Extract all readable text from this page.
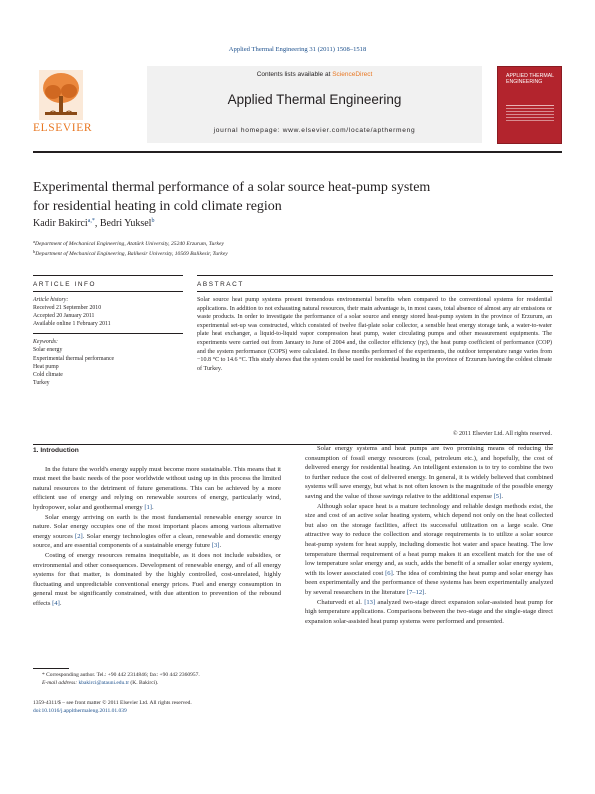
Applied Thermal Engineering 31 (2011) 1508–1518
ELSEVIER
Contents lists available at ScienceDirect
Applied Thermal Engineering
journal homepage: www.elsevier.com/locate/apthermeng
APPLIED THERMAL ENGINEERING
Experimental thermal performance of a solar source heat-pump system
for residential heating in cold climate region
Kadir Bakirci$^{a,*}$, Bedri Yuksel$^b$
$^a$Department of Mechanical Engineering, Atatürk University, 25240 Erzurum, Turkey
$^b$Department of Mechanical Engineering, Balikesir University, 10569 Balikesir, Turkey
ARTICLE INFO	ABSTRACT
Article history:
Received 21 September 2010
Accepted 20 January 2011
Available online 1 February 2011
Keywords:
Solar energy
Experimental thermal performance
Heat pump
Cold climate
Turkey
Solar source heat pump systems present tremendous environmental benefits when compared to the conventional systems for residential applications. In addition to not exhausting natural resources, their main advantage is, in most cases, total absence of almost any air emissions or waste products. In order to investigate the performance of a solar source and energy stored heat-pump system in the province of Erzurum, an experimental set-up was constructed, which consisted of twelve flat-plate solar collector, a sensible heat energy storage tank, a water-to-water plate heat exchanger, a liquid-to-liquid vapor compression heat pump, water circulating pumps and other measurement equipments. The experiments were carried out from January to June of 2004 and, the collector efficiency (ηc), the heat pump coefficient of performance (COP) and the system performance (COPS) were calculated. In these months performed of the experiments, the outdoor temperature range varies from −10.8 °C to 14.6 °C. This study shows that the system could be used for residential heating in the province of Erzurum having the coldest climate of Turkey.
© 2011 Elsevier Ltd. All rights reserved.
1. Introduction

In the future the world's energy supply must become more sustainable. This means that it must meet the basic needs of the poor worldwide without using up in this process the limited natural resources to the detriment of future generations. This can be achieved by a more efficient use of energy and relying on renewable sources of energy, particularly wind, hydropower, solar and geothermal energy [1].

Solar energy arriving on earth is the most fundamental renewable energy source in nature. Solar energy occupies one of the most important places among various alternative energy sources [2]. Solar energy technologies offer a clean, renewable and domestic energy source, and are essential components of a sustainable energy future [3].

Costing of energy resources remains inequitable, as it does not include subsidies, or environmental and other consequences. Development of renewable energy, and of all energy systems for that matter, is dominated by the highly controlled, cost-unrelated, highly fluctuating and unpredictable conventional energy prices. Fuel and energy consumption in general must be significantly constrained, with due attention to prevention of the rebound effects [4].

Solar energy systems and heat pumps are two promising means of reducing the consumption of fossil energy resources (coal, petroleum etc.), and hopefully, the cost of delivered energy for residential heating. An intelligent extension is to try to combine the two to further reduce the cost of delivered energy. In general, it is widely believed that combined systems will save energy, but what is not often known is the magnitude of the possible energy saving and the value of those savings relative to the additional expense [5].

Although solar space heat is a mature technology and reliable design methods exist, the size and cost of an active solar heating system, which depend not only on the heat collected but also on the storage facilities, affect its successful utilization on a large scale. One attractive way to reduce the collection and storage requirements is to utilize a solar source heat-pump system for heat supply, including domestic hot water and space heating. The low temperature thermal requirement of a heat pump makes it an excellent match for the use of low temperature solar energy and, as such, adds the benefit of a smaller solar energy system, with its lower associated cost [6]. The idea of combining the heat pump and solar energy has been experimentally and the performance of these systems has been experimentally analyzed by several researchers in the literature [7–12].

Chaturvedi et al. [13] analyzed two-stage direct expansion solar-assisted heat pump for high temperature applications. Comparisons between the two-stage and the single-stage direct expansion solar-assisted heat pump systems were performed and presented.

* Corresponding author. Tel.: +90 442 2314846; fax: +90 442 2360957.
E-mail address: kbakirci@atauni.edu.tr (K. Bakirci).
1359-4311/$ – see front matter © 2011 Elsevier Ltd. All rights reserved.
doi:10.1016/j.applthermaleng.2011.01.039
